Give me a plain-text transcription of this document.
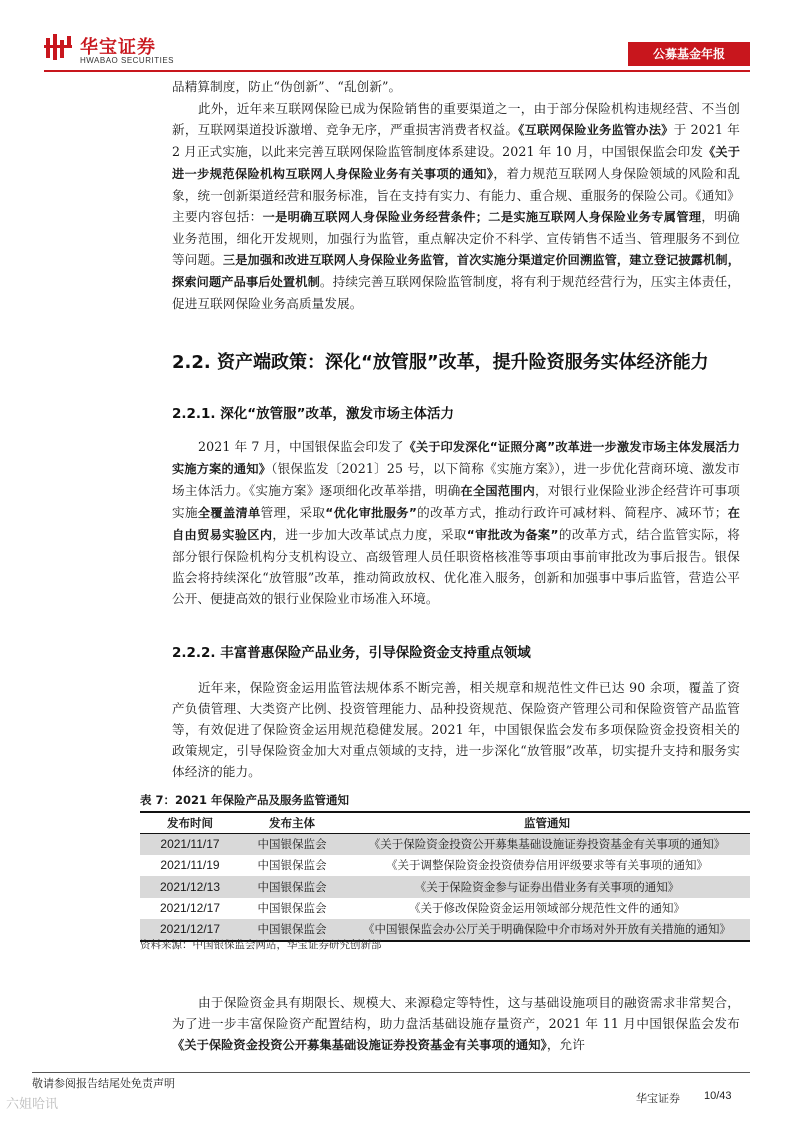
华宝证券
HWABAO SECURITIES	公募基金年报

品精算制度，防止“伪创新”、“乱创新”。

此外，近年来互联网保险已成为保险销售的重要渠道之一，由于部分保险机构违规经营、不当创新，互联网渠道投诉激增、竞争无序，严重损害消费者权益。《互联网保险业务监管办法》于 2021 年 2 月正式实施，以此来完善互联网保险监管制度体系建设。2021 年 10 月，中国银保监会印发《关于进一步规范保险机构互联网人身保险业务有关事项的通知》，着力规范互联网人身保险领域的风险和乱象，统一创新渠道经营和服务标准，旨在支持有实力、有能力、重合规、重服务的保险公司。《通知》主要内容包括：一是明确互联网人身保险业务经营条件；二是实施互联网人身保险业务专属管理，明确业务范围，细化开发规则，加强行为监管，重点解决定价不科学、宣传销售不适当、管理服务不到位等问题。三是加强和改进互联网人身保险业务监管，首次实施分渠道定价回溯监管，建立登记披露机制，探索问题产品事后处置机制。持续完善互联网保险监管制度，将有利于规范经营行为，压实主体责任，促进互联网保险业务高质量发展。

2.2. 资产端政策：深化“放管服”改革，提升险资服务实体经济能力
2.2.1. 深化“放管服”改革，激发市场主体活力

2021 年 7 月，中国银保监会印发了《关于印发深化“证照分离”改革进一步激发市场主体发展活力实施方案的通知》（银保监发〔2021〕25 号，以下简称《实施方案》），进一步优化营商环境、激发市场主体活力。《实施方案》逐项细化改革举措，明确在全国范围内，对银行业保险业涉企经营许可事项实施全覆盖清单管理，采取“优化审批服务”的改革方式，推动行政许可减材料、简程序、减环节；在自由贸易实验区内，进一步加大改革试点力度，采取“审批改为备案”的改革方式，结合监管实际，将部分银行保险机构分支机构设立、高级管理人员任职资格核准等事项由事前审批改为事后报告。银保监会将持续深化“放管服”改革，推动简政放权、优化准入服务，创新和加强事中事后监管，营造公平公开、便捷高效的银行业保险业市场准入环境。

2.2.2. 丰富普惠保险产品业务，引导保险资金支持重点领域

近年来，保险资金运用监管法规体系不断完善，相关规章和规范性文件已达 90 余项，覆盖了资产负债管理、大类资产比例、投资管理能力、品种投资规范、保险资产管理公司和保险资管产品监管等，有效促进了保险资金运用规范稳健发展。2021 年，中国银保监会发布多项保险资金投资相关的政策规定，引导保险资金加大对重点领域的支持，进一步深化“放管服”改革，切实提升支持和服务实体经济的能力。

表 7：2021 年保险产品及服务监管通知
发布时间	发布主体	监管通知
2021/11/17	中国银保监会	《关于保险资金投资公开募集基础设施证券投资基金有关事项的通知》
2021/11/19	中国银保监会	《关于调整保险资金投资债券信用评级要求等有关事项的通知》
2021/12/13	中国银保监会	《关于保险资金参与证券出借业务有关事项的通知》
2021/12/17	中国银保监会	《关于修改保险资金运用领域部分规范性文件的通知》
2021/12/17	中国银保监会	《中国银保监会办公厅关于明确保险中介市场对外开放有关措施的通知》
资料来源：中国银保监会网站，华宝证券研究创新部

由于保险资金具有期限长、规模大、来源稳定等特性，这与基础设施项目的融资需求非常契合，为了进一步丰富保险资产配置结构，助力盘活基础设施存量资产，2021 年 11 月中国银保监会发布《关于保险资金投资公开募集基础设施证券投资基金有关事项的通知》，允许

敬请参阅报告结尾处免责声明
华宝证券 10/43
六姐哈讯
